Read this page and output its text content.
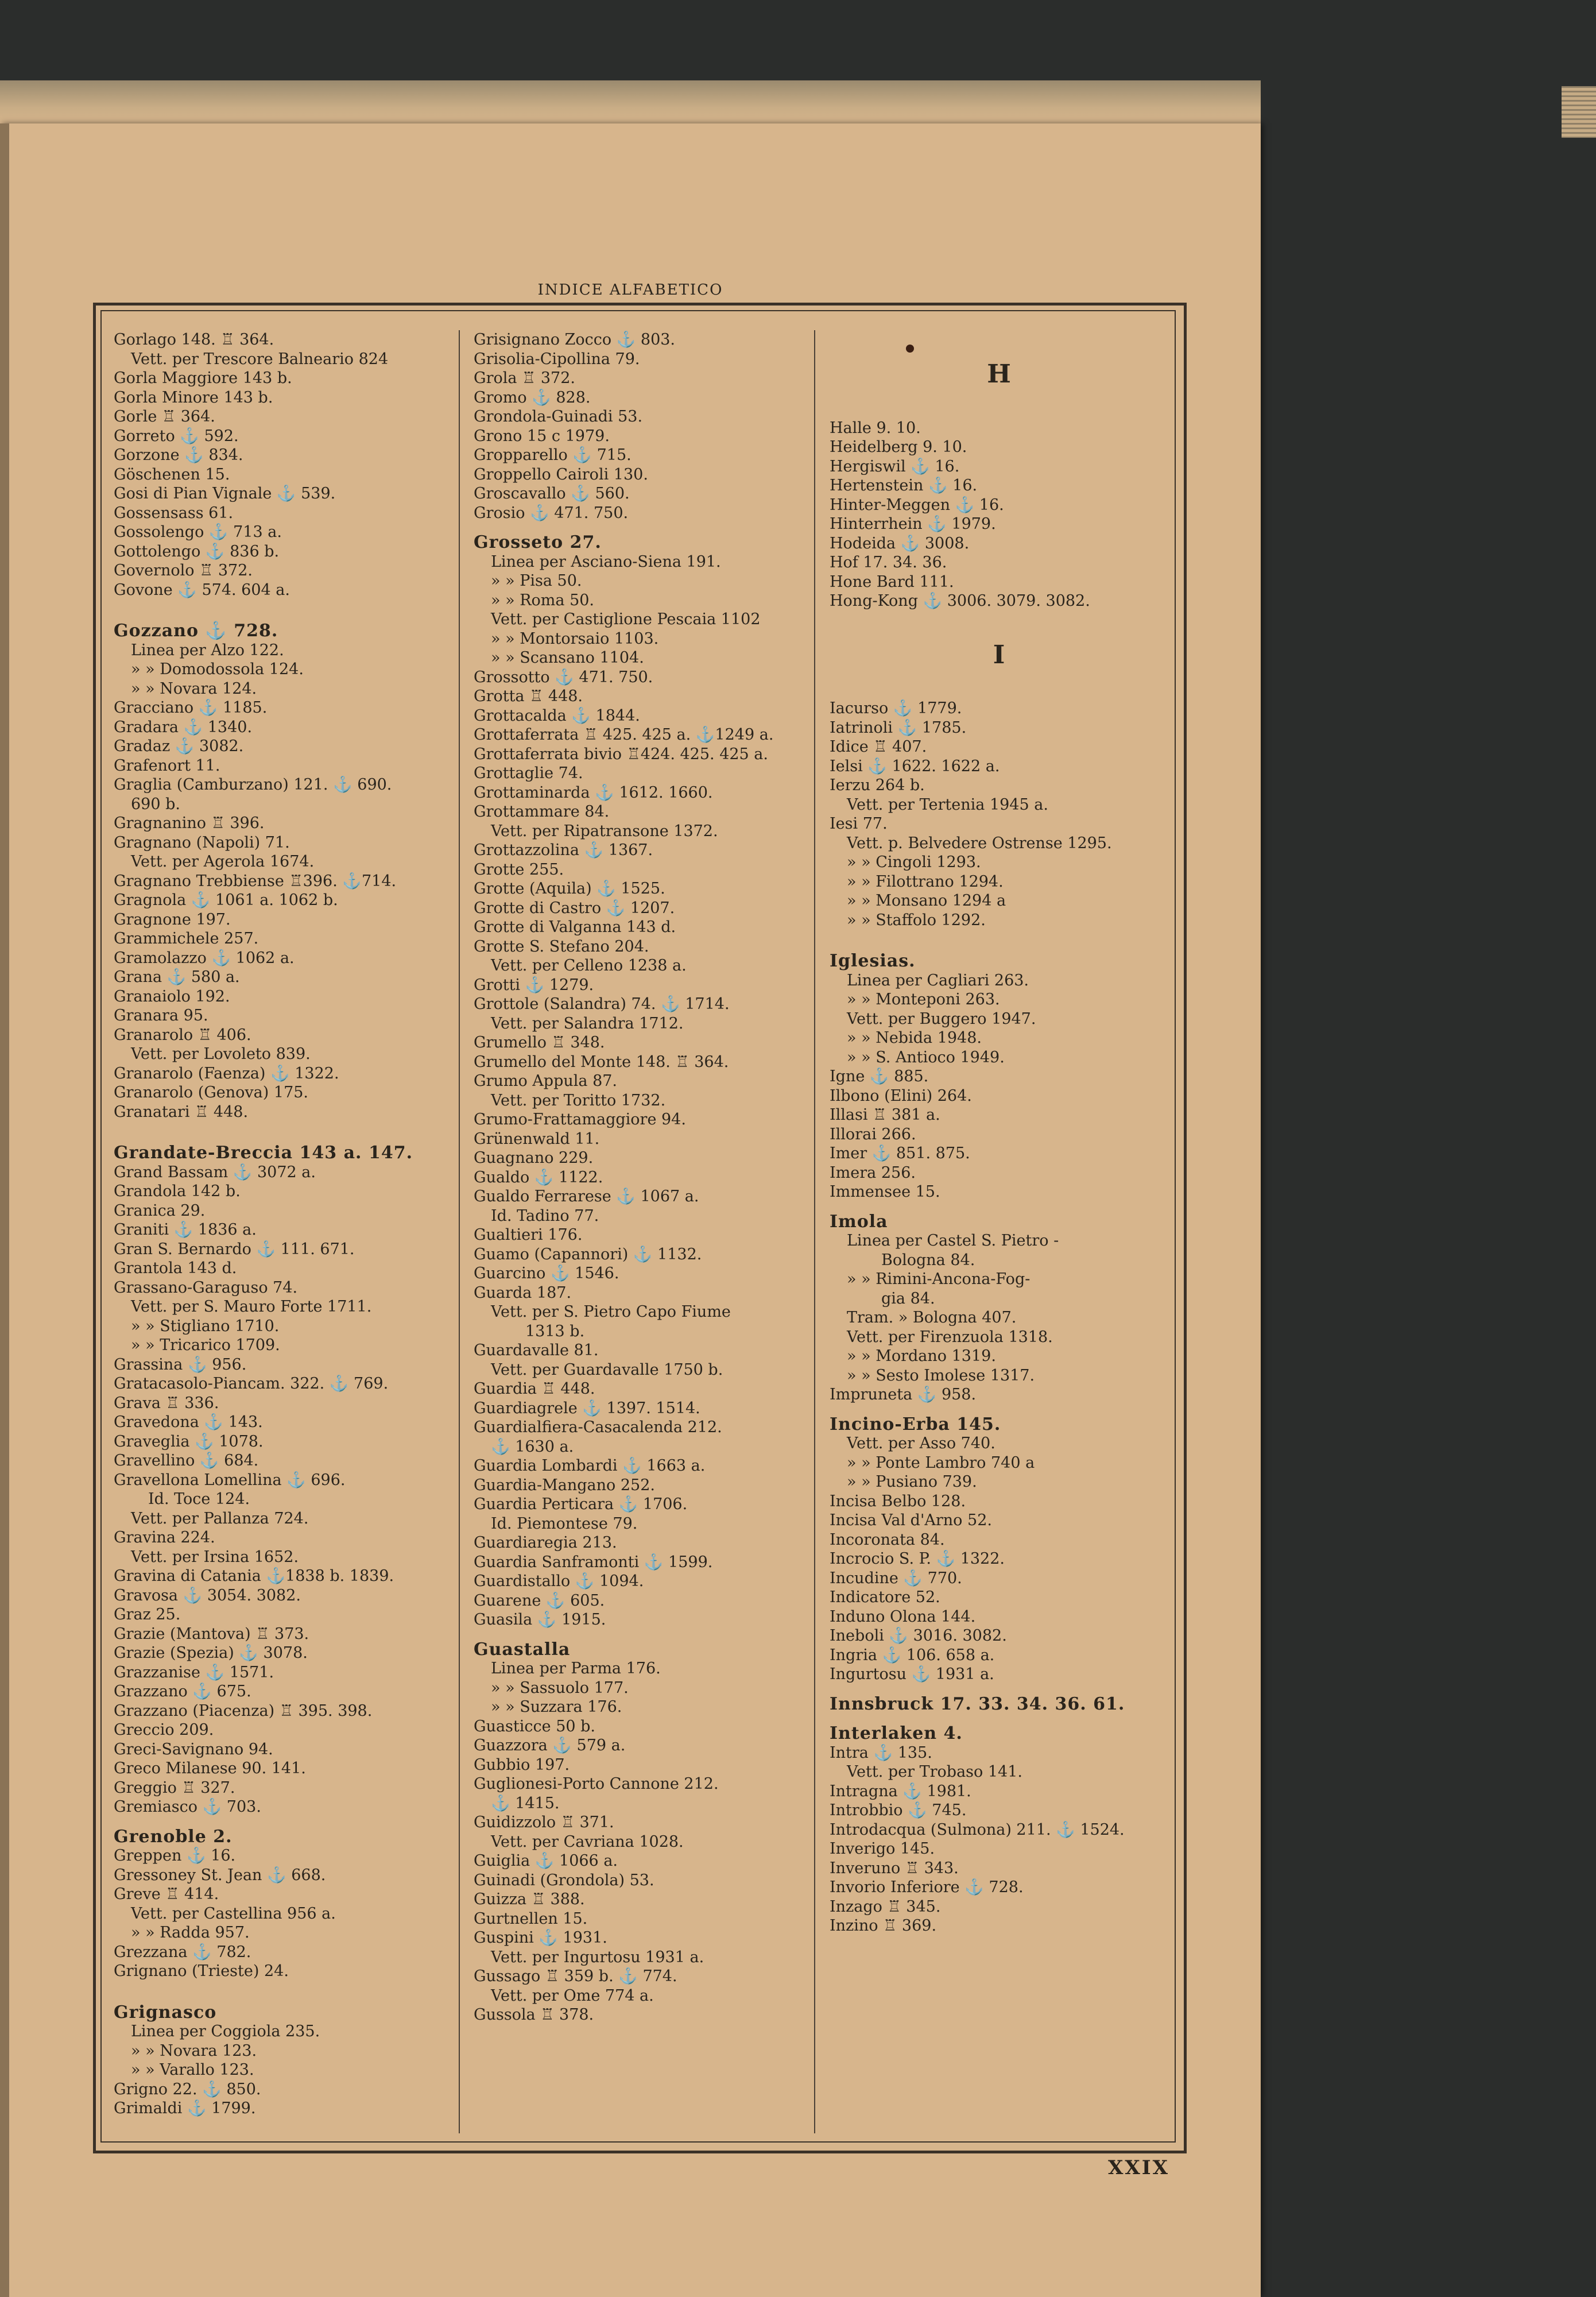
INDICE ALFABETICO
Gorlago 148. ♖ 364.
Vett. per Trescore Balneario 824
Gorla Maggiore 143 b.
Gorla Minore 143 b.
Gorle ♖ 364.
Gorreto ⚓ 592.
Gorzone ⚓ 834.
Göschenen 15.
Gosi di Pian Vignale ⚓ 539.
Gossensass 61.
Gossolengo ⚓ 713 a.
Gottolengo ⚓ 836 b.
Governolo ♖ 372.
Govone ⚓ 574. 604 a.
Gozzano ⚓ 728.
Linea per Alzo 122.
» » Domodossola 124.
» » Novara 124.
Gracciano ⚓ 1185.
Gradara ⚓ 1340.
Gradaz ⚓ 3082.
Grafenort 11.
Graglia (Camburzano) 121. ⚓ 690.
690 b.
Gragnanino ♖ 396.
Gragnano (Napoli) 71.
Vett. per Agerola 1674.
Gragnano Trebbiense ♖396. ⚓714.
Gragnola ⚓ 1061 a. 1062 b.
Gragnone 197.
Grammichele 257.
Gramolazzo ⚓ 1062 a.
Grana ⚓ 580 a.
Granaiolo 192.
Granara 95.
Granarolo ♖ 406.
Vett. per Lovoleto 839.
Granarolo (Faenza) ⚓ 1322.
Granarolo (Genova) 175.
Granatari ♖ 448.
Grandate-Breccia 143 a. 147.
Grand Bassam ⚓ 3072 a.
Grandola 142 b.
Granica 29.
Graniti ⚓ 1836 a.
Gran S. Bernardo ⚓ 111. 671.
Grantola 143 d.
Grassano-Garaguso 74.
Vett. per S. Mauro Forte 1711.
» » Stigliano 1710.
» » Tricarico 1709.
Grassina ⚓ 956.
Gratacasolo-Piancam. 322. ⚓ 769.
Grava ♖ 336.
Gravedona ⚓ 143.
Graveglia ⚓ 1078.
Gravellino ⚓ 684.
Gravellona Lomellina ⚓ 696.
Id. Toce 124.
Vett. per Pallanza 724.
Gravina 224.
Vett. per Irsina 1652.
Gravina di Catania ⚓1838 b. 1839.
Gravosa ⚓ 3054. 3082.
Graz 25.
Grazie (Mantova) ♖ 373.
Grazie (Spezia) ⚓ 3078.
Grazzanise ⚓ 1571.
Grazzano ⚓ 675.
Grazzano (Piacenza) ♖ 395. 398.
Greccio 209.
Greci-Savignano 94.
Greco Milanese 90. 141.
Greggio ♖ 327.
Gremiasco ⚓ 703.
Grenoble 2.
Greppen ⚓ 16.
Gressoney St. Jean ⚓ 668.
Greve ♖ 414.
Vett. per Castellina 956 a.
» » Radda 957.
Grezzana ⚓ 782.
Grignano (Trieste) 24.
Grignasco
Linea per Coggiola 235.
» » Novara 123.
» » Varallo 123.
Grigno 22. ⚓ 850.
Grimaldi ⚓ 1799.
Grisignano Zocco ⚓ 803.
Grisolia-Cipollina 79.
Grola ♖ 372.
Gromo ⚓ 828.
Grondola-Guinadi 53.
Grono 15 c 1979.
Gropparello ⚓ 715.
Groppello Cairoli 130.
Groscavallo ⚓ 560.
Grosio ⚓ 471. 750.
Grosseto 27.
Linea per Asciano-Siena 191.
» » Pisa 50.
» » Roma 50.
Vett. per Castiglione Pescaia 1102
» » Montorsaio 1103.
» » Scansano 1104.
Grossotto ⚓ 471. 750.
Grotta ♖ 448.
Grottacalda ⚓ 1844.
Grottaferrata ♖ 425. 425 a. ⚓1249 a.
Grottaferrata bivio ♖424. 425. 425 a.
Grottaglie 74.
Grottaminarda ⚓ 1612. 1660.
Grottammare 84.
Vett. per Ripatransone 1372.
Grottazzolina ⚓ 1367.
Grotte 255.
Grotte (Aquila) ⚓ 1525.
Grotte di Castro ⚓ 1207.
Grotte di Valganna 143 d.
Grotte S. Stefano 204.
Vett. per Celleno 1238 a.
Grotti ⚓ 1279.
Grottole (Salandra) 74. ⚓ 1714.
Vett. per Salandra 1712.
Grumello ♖ 348.
Grumello del Monte 148. ♖ 364.
Grumo Appula 87.
Vett. per Toritto 1732.
Grumo-Frattamaggiore 94.
Grünenwald 11.
Guagnano 229.
Gualdo ⚓ 1122.
Gualdo Ferrarese ⚓ 1067 a.
Id. Tadino 77.
Gualtieri 176.
Guamo (Capannori) ⚓ 1132.
Guarcino ⚓ 1546.
Guarda 187.
Vett. per S. Pietro Capo Fiume
1313 b.
Guardavalle 81.
Vett. per Guardavalle 1750 b.
Guardia ♖ 448.
Guardiagrele ⚓ 1397. 1514.
Guardialfiera-Casacalenda 212.
⚓ 1630 a.
Guardia Lombardi ⚓ 1663 a.
Guardia-Mangano 252.
Guardia Perticara ⚓ 1706.
Id. Piemontese 79.
Guardiaregia 213.
Guardia Sanframonti ⚓ 1599.
Guardistallo ⚓ 1094.
Guarene ⚓ 605.
Guasila ⚓ 1915.
Guastalla
Linea per Parma 176.
» » Sassuolo 177.
» » Suzzara 176.
Guasticce 50 b.
Guazzora ⚓ 579 a.
Gubbio 197.
Guglionesi-Porto Cannone 212.
⚓ 1415.
Guidizzolo ♖ 371.
Vett. per Cavriana 1028.
Guiglia ⚓ 1066 a.
Guinadi (Grondola) 53.
Guizza ♖ 388.
Gurtnellen 15.
Guspini ⚓ 1931.
Vett. per Ingurtosu 1931 a.
Gussago ♖ 359 b. ⚓ 774.
Vett. per Ome 774 a.
Gussola ♖ 378.
H
Halle 9. 10.
Heidelberg 9. 10.
Hergiswil ⚓ 16.
Hertenstein ⚓ 16.
Hinter-Meggen ⚓ 16.
Hinterrhein ⚓ 1979.
Hodeida ⚓ 3008.
Hof 17. 34. 36.
Hone Bard 111.
Hong-Kong ⚓ 3006. 3079. 3082.
I
Iacurso ⚓ 1779.
Iatrinoli ⚓ 1785.
Idice ♖ 407.
Ielsi ⚓ 1622. 1622 a.
Ierzu 264 b.
Vett. per Tertenia 1945 a.
Iesi 77.
Vett. p. Belvedere Ostrense 1295.
» » Cingoli 1293.
» » Filottrano 1294.
» » Monsano 1294 a
» » Staffolo 1292.
Iglesias.
Linea per Cagliari 263.
» » Monteponi 263.
Vett. per Buggero 1947.
» » Nebida 1948.
» » S. Antioco 1949.
Igne ⚓ 885.
Ilbono (Elini) 264.
Illasi ♖ 381 a.
Illorai 266.
Imer ⚓ 851. 875.
Imera 256.
Immensee 15.
Imola
Linea per Castel S. Pietro -
Bologna 84.
» » Rimini-Ancona-Fog-
gia 84.
Tram. » Bologna 407.
Vett. per Firenzuola 1318.
» » Mordano 1319.
» » Sesto Imolese 1317.
Impruneta ⚓ 958.
Incino-Erba 145.
Vett. per Asso 740.
» » Ponte Lambro 740 a
» » Pusiano 739.
Incisa Belbo 128.
Incisa Val d'Arno 52.
Incoronata 84.
Incrocio S. P. ⚓ 1322.
Incudine ⚓ 770.
Indicatore 52.
Induno Olona 144.
Ineboli ⚓ 3016. 3082.
Ingria ⚓ 106. 658 a.
Ingurtosu ⚓ 1931 a.
Innsbruck 17. 33. 34. 36. 61.
Interlaken 4.
Intra ⚓ 135.
Vett. per Trobaso 141.
Intragna ⚓ 1981.
Introbbio ⚓ 745.
Introdacqua (Sulmona) 211. ⚓ 1524.
Inverigo 145.
Inveruno ♖ 343.
Invorio Inferiore ⚓ 728.
Inzago ♖ 345.
Inzino ♖ 369.
XXIX
